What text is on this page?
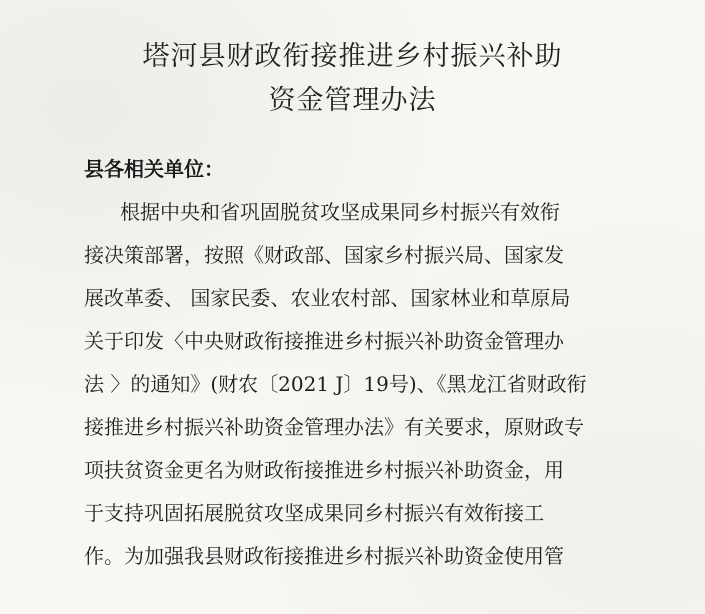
塔河县财政衔接推进乡村振兴补助
资金管理办法
县各相关单位：
根据中央和省巩固脱贫攻坚成果同乡村振兴有效衔
接决策部署，按照《财政部、国家乡村振兴局、国家发
展改革委、 国家民委、农业农村部、国家林业和草原局
关于印发〈中央财政衔接推进乡村振兴补助资金管理办
法 〉的通知》(财农〔2021 J〕19号)、《黑龙江省财政衔
接推进乡村振兴补助资金管理办法》有关要求，原财政专
项扶贫资金更名为财政衔接推进乡村振兴补助资金，用
于支持巩固拓展脱贫攻坚成果同乡村振兴有效衔接工
作。为加强我县财政衔接推进乡村振兴补助资金使用管
